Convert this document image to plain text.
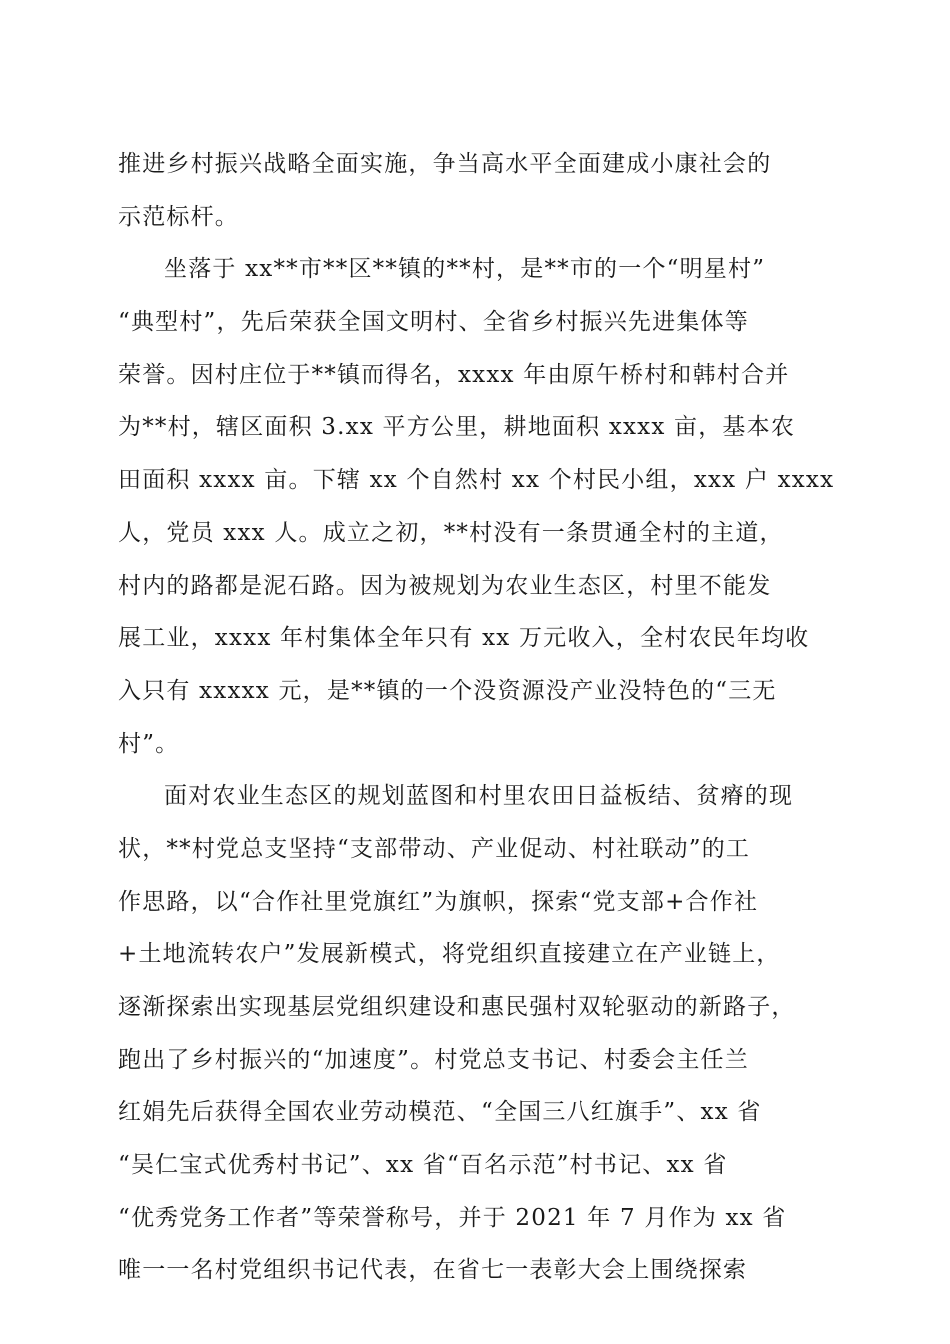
推进乡村振兴战略全面实施，争当高水平全面建成小康社会的
示范标杆。
坐落于 xx**市**区**镇的**村，是**市的一个“明星村”
“典型村”，先后荣获全国文明村、全省乡村振兴先进集体等
荣誉。因村庄位于**镇而得名，xxxx 年由原午桥村和韩村合并
为**村，辖区面积 3.xx 平方公里，耕地面积 xxxx 亩，基本农
田面积 xxxx 亩。下辖 xx 个自然村 xx 个村民小组，xxx 户 xxxx
人，党员 xxx 人。成立之初，**村没有一条贯通全村的主道，
村内的路都是泥石路。因为被规划为农业生态区，村里不能发
展工业，xxxx 年村集体全年只有 xx 万元收入，全村农民年均收
入只有 xxxxx 元，是**镇的一个没资源没产业没特色的“三无
村”。
面对农业生态区的规划蓝图和村里农田日益板结、贫瘠的现
状，**村党总支坚持“支部带动、产业促动、村社联动”的工
作思路，以“合作社里党旗红”为旗帜，探索“党支部+合作社
+土地流转农户”发展新模式，将党组织直接建立在产业链上，
逐渐探索出实现基层党组织建设和惠民强村双轮驱动的新路子，
跑出了乡村振兴的“加速度”。村党总支书记、村委会主任兰
红娟先后获得全国农业劳动模范、“全国三八红旗手”、xx 省
“吴仁宝式优秀村书记”、xx 省“百名示范”村书记、xx 省
“优秀党务工作者”等荣誉称号，并于 2021 年 7 月作为 xx 省
唯一一名村党组织书记代表，在省七一表彰大会上围绕探索
